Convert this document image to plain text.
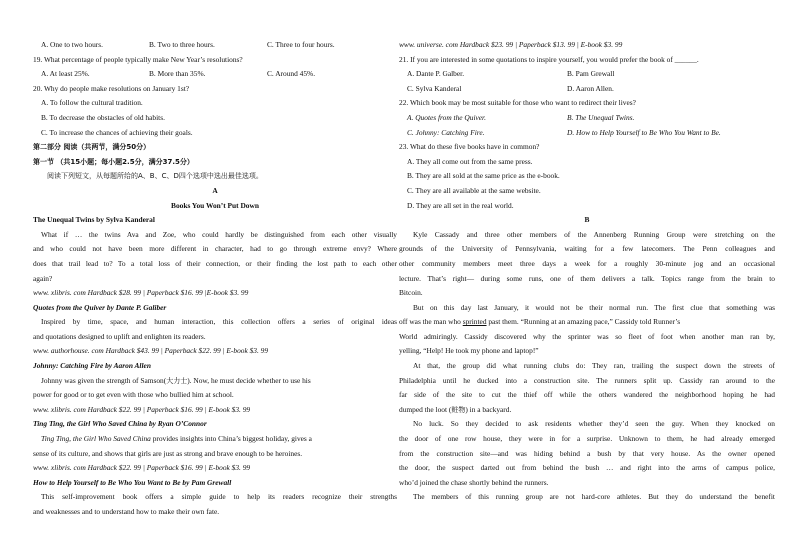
A. One to two hours.	B. Two to three hours.	C. Three to four hours.
19. What percentage of people typically make New Year’s resolutions?
A. At least 25%.	B. More than 35%.	C. Around 45%.
20. Why do people make resolutions on January 1st?
A. To follow the cultural tradition.
B. To decrease the obstacles of old habits.
C. To increase the chances of achieving their goals.
第二部分 阅读（共两节，满分50分）
第一节 （共15小题；每小题2.5分，满分37.5分）
阅读下列短文，从每题所给的A、B、C、D四个选项中选出最佳选项。
A
Books You Won’t Put Down
The Unequal Twins by Sylva Kanderal
What if … the twins Ava and Zoe, who could hardly be distinguished from each other visually
and who could not have been more different in character, had to go through extreme envy? Where
does that trail lead to? To a total loss of their connection, or their finding the lost path to each other
again?
www. xlibris. com Hardback $28. 99 | Paperback $16. 99 |E-book $3. 99
Quotes from the Quiver by Dante P. Galiber
Inspired by time, space, and human interaction, this collection offers a series of original ideas
and quotations designed to uplift and enlighten its readers.
www. authorhouse. com Hardback $43. 99 | Paperback $22. 99 | E-book $3. 99
Johnny: Catching Fire by Aaron Allen
Johnny was given the strength of Samson(大力士). Now, he must decide whether to use his
power for good or to get even with those who bullied him at school.
www. xlibris. com Hardback $22. 99 | Paperback $16. 99 | E-book $3. 99
Ting Ting, the Girl Who Saved China by Ryan O’Connor
Ting Ting, the Girl Who Saved China provides insights into China’s biggest holiday, gives a
sense of its culture, and shows that girls are just as strong and brave enough to be heroines.
www. xlibris. com Hardback $22. 99 | Paperback $16. 99 | E-book $3. 99
How to Help Yourself to Be Who You Want to Be by Pam Grewall
This self-improvement book offers a simple guide to help its readers recognize their strengths
and weaknesses and to understand how to make their own fate.
www. universe. com Hardback $23. 99 | Paperback $13. 99 | E-book $3. 99
21. If you are interested in some quotations to inspire yourself, you would prefer the book of ______.
A. Dante P. Galber.	B. Pam Grewall
C. Sylva Kanderal	D. Aaron Allen.
22. Which book may be most suitable for those who want to redirect their lives?
A. Quotes from the Quiver.	B. The Unequal Twins.
C. Johnny: Catching Fire.	D. How to Help Yourself to Be Who You Want to Be.
23. What do these five books have in common?
A. They all come out from the same press.
B. They are all sold at the same price as the e-book.
C. They are all available at the same website.
D. They are all set in the real world.
B
Kyle Cassady and three other members of the Annenberg Running Group were stretching on the
grounds of the University of Pennsylvania, waiting for a few latecomers. The Penn colleagues and
other community members meet three days a week for a roughly 30-minute jog and an occasional
lecture. That’s right— during some runs, one of them delivers a talk. Topics range from the brain to
Bitcoin.
But on this day last January, it would not be their normal run. The first clue that something was
off was the man who sprinted past them. “Running at an amazing pace,” Cassidy told Runner’s
World admiringly. Cassidy discovered why the sprinter was so fleet of foot when another man ran by,
yelling, “Help! He took my phone and laptop!”
At that, the group did what running clubs do: They ran, trailing the suspect down the streets of
Philadelphia until he ducked into a construction site. The runners split up. Cassidy ran around to the
far side of the site to cut the thief off while the others wandered the neighborhood hoping he had
dumped the loot (赃物) in a backyard.
No luck. So they decided to ask residents whether they’d seen the guy. When they knocked on
the door of one row house, they were in for a surprise. Unknown to them, he had already emerged
from the construction site—and was hiding behind a bush by that very house. As the owner opened
the door, the suspect darted out from behind the bush … and right into the arms of campus police,
who’d joined the chase shortly behind the runners.
The members of this running group are not hard-core athletes. But they do understand the benefit
